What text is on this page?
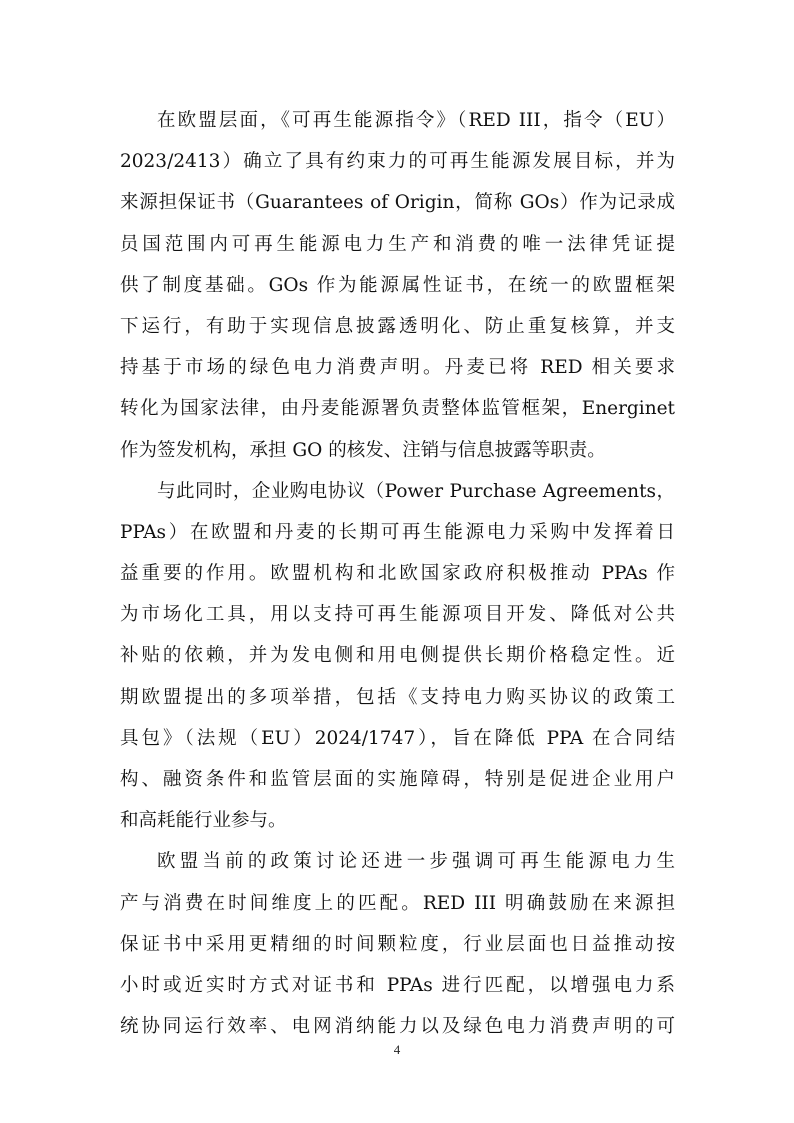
在欧盟层面，《可再生能源指令》（RED III，指令（EU）
2023/2413）确立了具有约束力的可再生能源发展目标，并为
来源担保证书（Guarantees of Origin，简称 GOs）作为记录成
员国范围内可再生能源电力生产和消费的唯一法律凭证提
供了制度基础。GOs 作为能源属性证书，在统一的欧盟框架
下运行，有助于实现信息披露透明化、防止重复核算，并支
持基于市场的绿色电力消费声明。丹麦已将 RED 相关要求
转化为国家法律，由丹麦能源署负责整体监管框架，Energinet
作为签发机构，承担 GO 的核发、注销与信息披露等职责。
与此同时，企业购电协议（Power Purchase Agreements，
PPAs）在欧盟和丹麦的长期可再生能源电力采购中发挥着日
益重要的作用。欧盟机构和北欧国家政府积极推动 PPAs 作
为市场化工具，用以支持可再生能源项目开发、降低对公共
补贴的依赖，并为发电侧和用电侧提供长期价格稳定性。近
期欧盟提出的多项举措，包括《支持电力购买协议的政策工
具包》（法规（EU）2024/1747），旨在降低 PPA 在合同结
构、融资条件和监管层面的实施障碍，特别是促进企业用户
和高耗能行业参与。
欧盟当前的政策讨论还进一步强调可再生能源电力生
产与消费在时间维度上的匹配。RED III 明确鼓励在来源担
保证书中采用更精细的时间颗粒度，行业层面也日益推动按
小时或近实时方式对证书和 PPAs 进行匹配，以增强电力系
统协同运行效率、电网消纳能力以及绿色电力消费声明的可
4
